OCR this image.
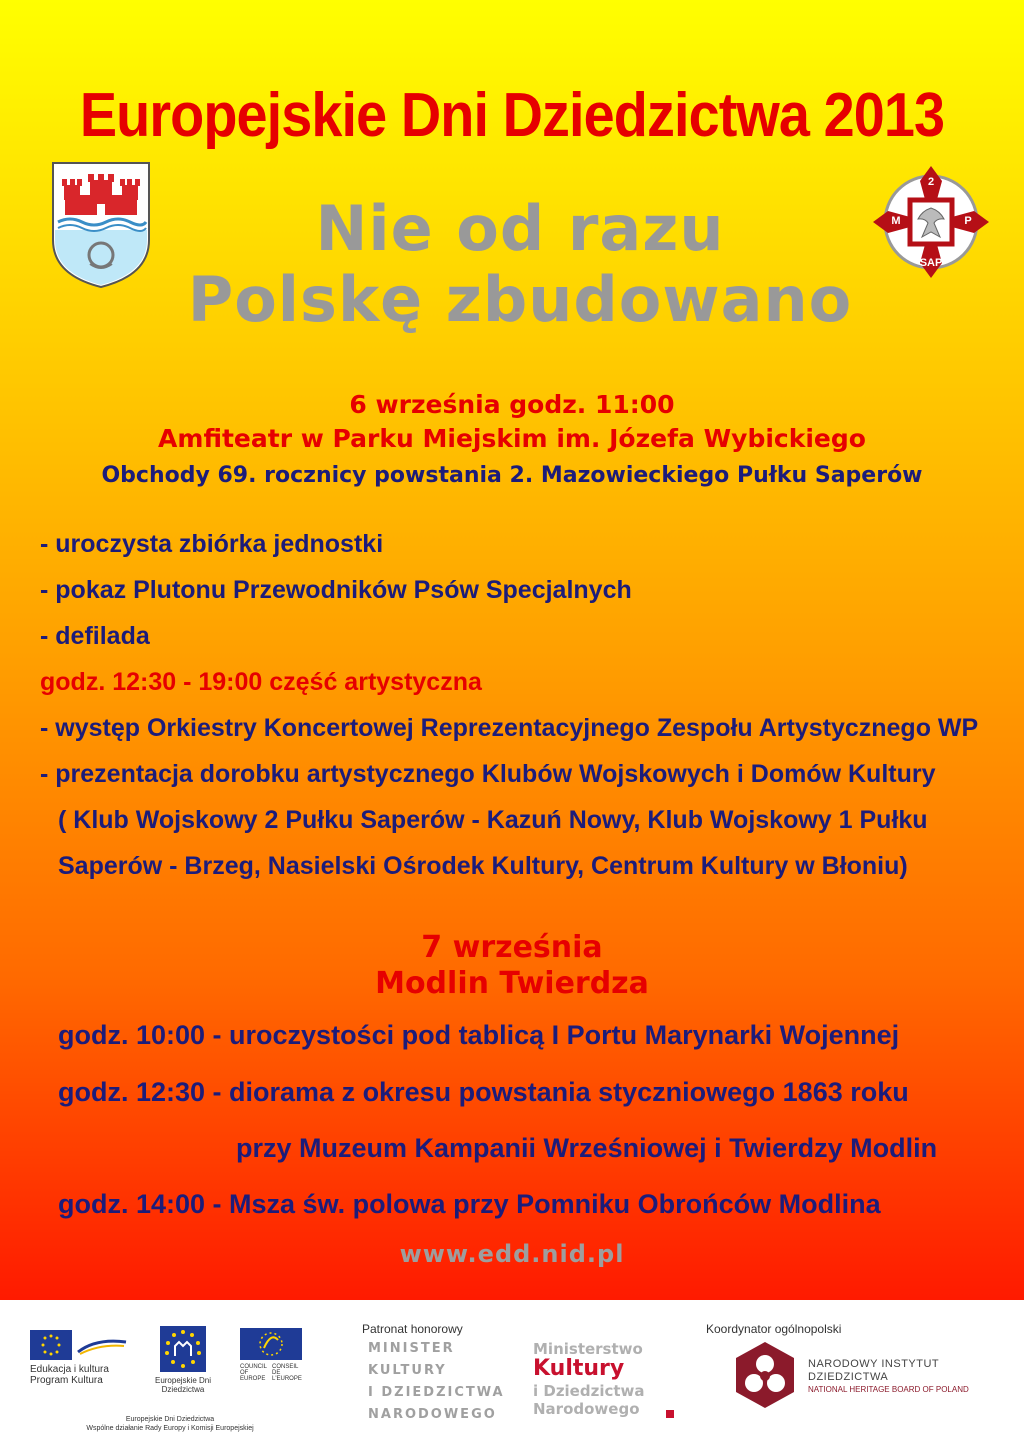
Europejskie Dni Dziedzictwa 2013
2
M	P
SAP
Nie od razu
Polskę zbudowano
6 września godz. 11:00
Amfiteatr w Parku Miejskim im. Józefa Wybickiego
Obchody 69. rocznicy powstania 2. Mazowieckiego Pułku Saperów
- uroczysta zbiórka jednostki
- pokaz Plutonu Przewodników Psów Specjalnych
- defilada
godz. 12:30 - 19:00 część artystyczna
- występ Orkiestry Koncertowej Reprezentacyjnego Zespołu Artystycznego WP
- prezentacja dorobku artystycznego Klubów Wojskowych i Domów Kultury
( Klub Wojskowy 2 Pułku Saperów - Kazuń Nowy, Klub Wojskowy 1 Pułku
Saperów - Brzeg, Nasielski Ośrodek Kultury, Centrum Kultury w Błoniu)
7 września
Modlin Twierdza
godz. 10:00 - uroczystości pod tablicą I Portu Marynarki Wojennej
godz. 12:30 - diorama z okresu powstania styczniowego 1863 roku
przy Muzeum Kampanii Wrześniowej i Twierdzy Modlin
godz. 14:00 - Msza św. polowa przy Pomniku Obrońców Modlina
www.edd.nid.pl
Edukacja i kultura
Program Kultura	Europejskie Dni
Dziedzictwa
COUNCIL OF EUROPE
CONSEIL DE L'EUROPE
Europejskie Dni Dziedzictwa
Wspólne działanie Rady Europy i Komisji Europejskiej
Patronat honorowy
MINISTER
KULTURY
I DZIEDZICTWA
NARODOWEGO
Ministerstwo
Kultury
i Dziedzictwa
Narodowego
Koordynator ogólnopolski
NARODOWY INSTYTUT
DZIEDZICTWA
NATIONAL HERITAGE BOARD OF POLAND
